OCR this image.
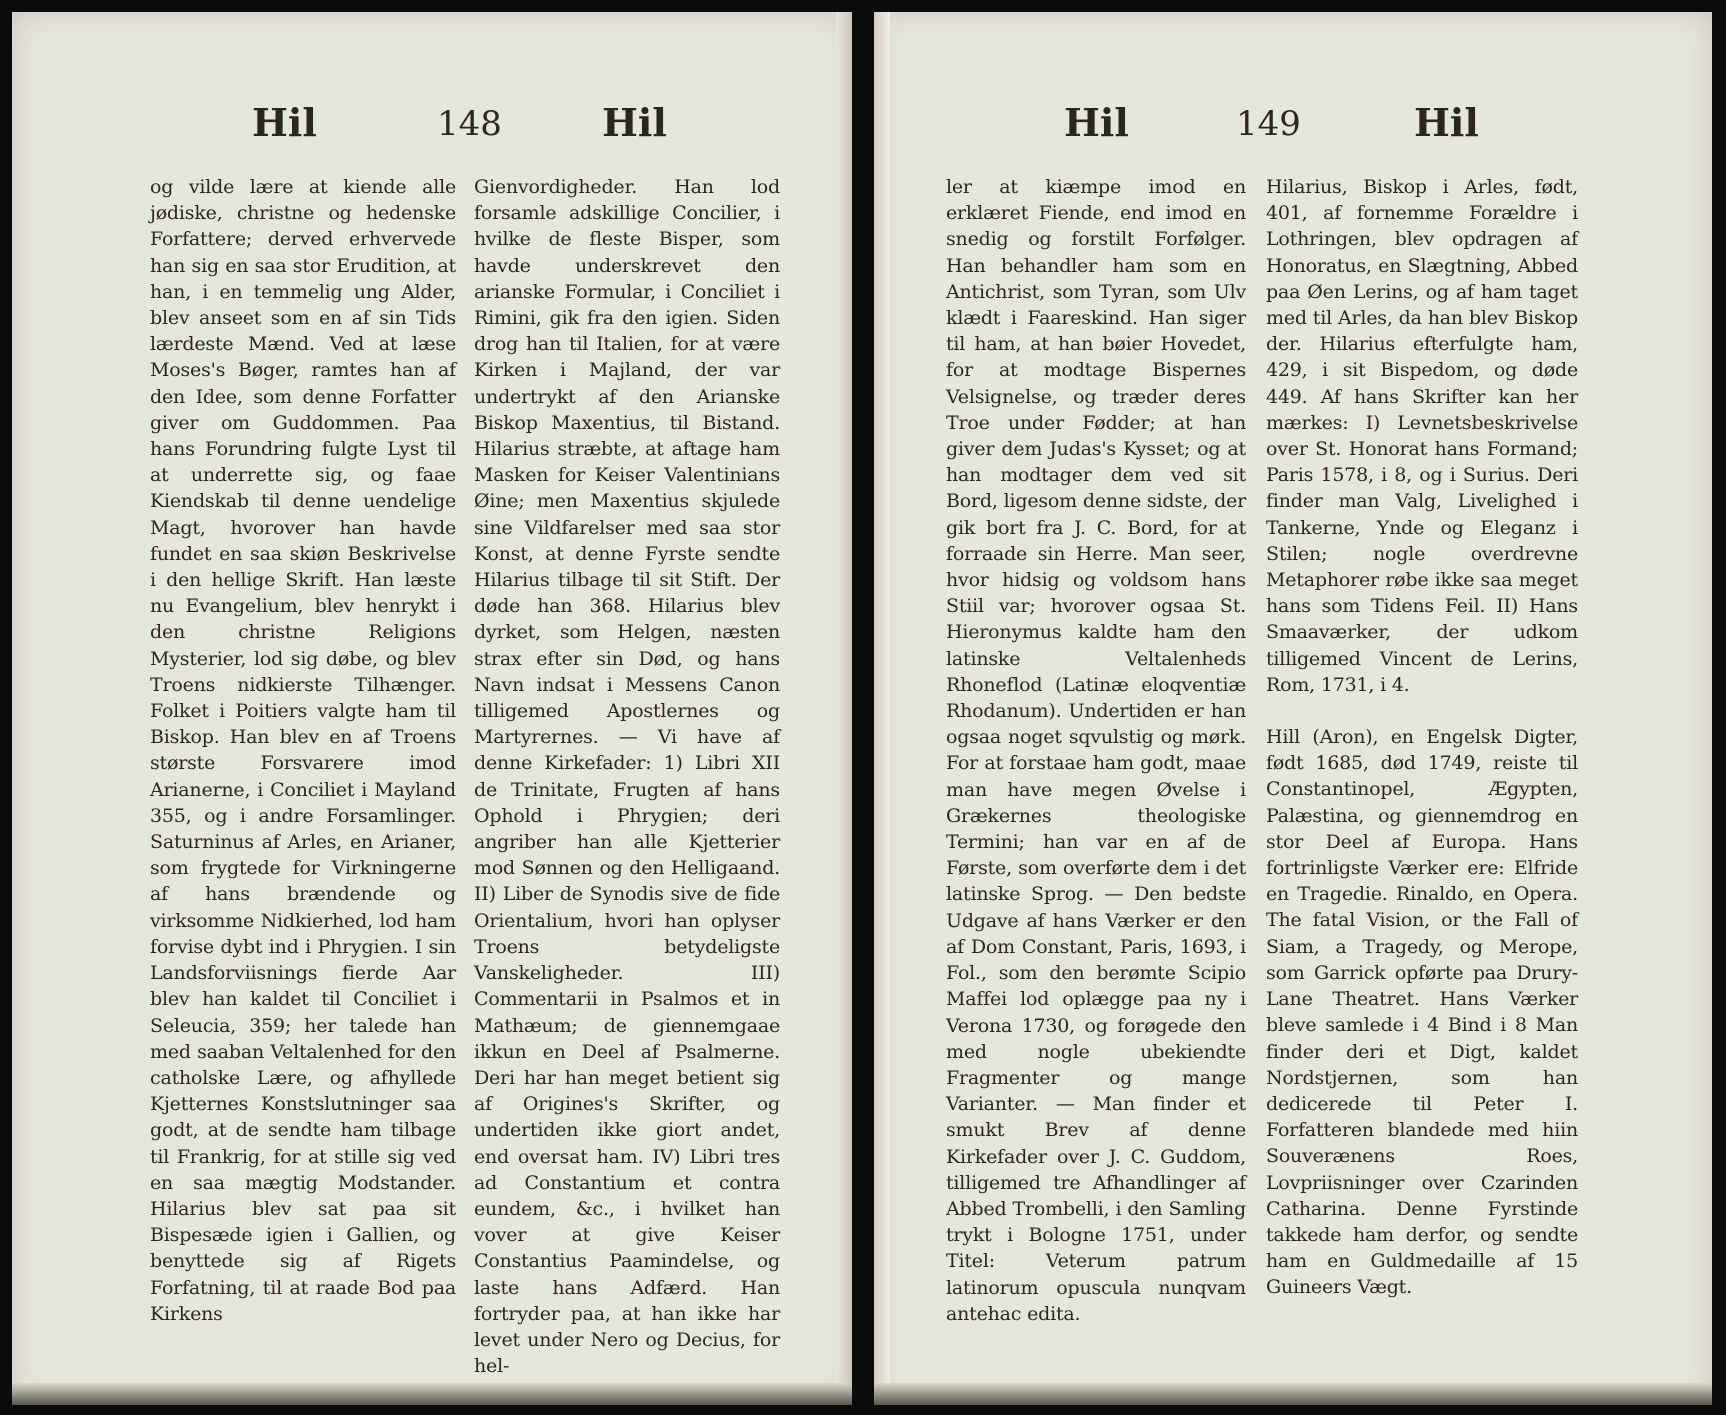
Hil	148	Hil

og vilde lære at kiende alle jødiske, christne og hedenske Forfattere; derved erhvervede han sig en saa stor Erudition, at han, i en temmelig ung Alder, blev anseet som en af sin Tids lærdeste Mænd. Ved at læse Moses's Bøger, ramtes han af den Idee, som denne Forfatter giver om Guddommen. Paa hans Forundring fulgte Lyst til at underrette sig, og faae Kiendskab til denne uendelige Magt, hvorover han havde fundet en saa skiøn Beskrivelse i den hellige Skrift. Han læste nu Evangelium, blev henrykt i den christne Religions Mysterier, lod sig døbe, og blev Troens nidkierste Tilhænger. Folket i Poitiers valgte ham til Biskop. Han blev en af Troens største Forsvarere imod Arianerne, i Conciliet i Mayland 355, og i andre Forsamlinger. Saturninus af Arles, en Arianer, som frygtede for Virkningerne af hans brændende og virksomme Nidkierhed, lod ham forvise dybt ind i Phrygien. I sin Landsforviisnings fierde Aar blev han kaldet til Conciliet i Seleucia, 359; her talede han med saaban Veltalenhed for den catholske Lære, og afhyllede Kjetternes Konstslutninger saa godt, at de sendte ham tilbage til Frankrig, for at stille sig ved en saa mægtig Modstander. Hilarius blev sat paa sit Bispesæde igien i Gallien, og benyttede sig af Rigets Forfatning, til at raade Bod paa Kirkens

Gienvordigheder. Han lod forsamle adskillige Concilier, i hvilke de fleste Bisper, som havde underskrevet den arianske Formular, i Conciliet i Rimini, gik fra den igien. Siden drog han til Italien, for at være Kirken i Majland, der var undertrykt af den Arianske Biskop Maxentius, til Bistand. Hilarius stræbte, at aftage ham Masken for Keiser Valentinians Øine; men Maxentius skjulede sine Vildfarelser med saa stor Konst, at denne Fyrste sendte Hilarius tilbage til sit Stift. Der døde han 368. Hilarius blev dyrket, som Helgen, næsten strax efter sin Død, og hans Navn indsat i Messens Canon tilligemed Apostlernes og Martyrernes. — Vi have af denne Kirkefader: 1) Libri XII de Trinitate, Frugten af hans Ophold i Phrygien; deri angriber han alle Kjetterier mod Sønnen og den Helligaand. II) Liber de Synodis sive de fide Orientalium, hvori han oplyser Troens betydeligste Vanskeligheder. III) Commentarii in Psalmos et in Mathæum; de giennemgaae ikkun en Deel af Psalmerne. Deri har han meget betient sig af Origines's Skrifter, og undertiden ikke giort andet, end oversat ham. IV) Libri tres ad Constantium et contra eundem, &c., i hvilket han vover at give Keiser Constantius Paamindelse, og laste hans Adfærd. Han fortryder paa, at han ikke har levet under Nero og Decius, for hel-

Hil	149	Hil

ler at kiæmpe imod en erklæret Fiende, end imod en snedig og forstilt Forfølger. Han behandler ham som en Antichrist, som Tyran, som Ulv klædt i Faareskind. Han siger til ham, at han bøier Hovedet, for at modtage Bispernes Velsignelse, og træder deres Troe under Fødder; at han giver dem Judas's Kysset; og at han modtager dem ved sit Bord, ligesom denne sidste, der gik bort fra J. C. Bord, for at forraade sin Herre. Man seer, hvor hidsig og voldsom hans Stiil var; hvorover ogsaa St. Hieronymus kaldte ham den latinske Veltalenheds Rhoneflod (Latinæ eloqventiæ Rhodanum). Undertiden er han ogsaa noget sqvulstig og mørk. For at forstaae ham godt, maae man have megen Øvelse i Grækernes theologiske Termini; han var en af de Første, som overførte dem i det latinske Sprog. — Den bedste Udgave af hans Værker er den af Dom Constant, Paris, 1693, i Fol., som den berømte Scipio Maffei lod oplægge paa ny i Verona 1730, og forøgede den med nogle ubekiendte Fragmenter og mange Varianter. — Man finder et smukt Brev af denne Kirkefader over J. C. Guddom, tilligemed tre Afhandlinger af Abbed Trombelli, i den Samling trykt i Bologne 1751, under Titel: Veterum patrum latinorum opuscula nunqvam antehac edita.

Hilarius, Biskop i Arles, født, 401, af fornemme Forældre i Lothringen, blev opdragen af Honoratus, en Slægtning, Abbed paa Øen Lerins, og af ham taget med til Arles, da han blev Biskop der. Hilarius efterfulgte ham, 429, i sit Bispedom, og døde 449. Af hans Skrifter kan her mærkes: I) Levnetsbeskrivelse over St. Honorat hans Formand; Paris 1578, i 8, og i Surius. Deri finder man Valg, Livelighed i Tankerne, Ynde og Eleganz i Stilen; nogle overdrevne Metaphorer røbe ikke saa meget hans som Tidens Feil. II) Hans Smaaværker, der udkom tilligemed Vincent de Lerins, Rom, 1731, i 4.

Hill (Aron), en Engelsk Digter, født 1685, død 1749, reiste til Constantinopel, Ægypten, Palæstina, og giennemdrog en stor Deel af Europa. Hans fortrinligste Værker ere: Elfride en Tragedie. Rinaldo, en Opera. The fatal Vision, or the Fall of Siam, a Tragedy, og Merope, som Garrick opførte paa Drury-Lane Theatret. Hans Værker bleve samlede i 4 Bind i 8 Man finder deri et Digt, kaldet Nordstjernen, som han dedicerede til Peter I. Forfatteren blandede med hiin Souverænens Roes, Lovpriisninger over Czarinden Catharina. Denne Fyrstinde takkede ham derfor, og sendte ham en Guldmedaille af 15 Guineers Vægt.
